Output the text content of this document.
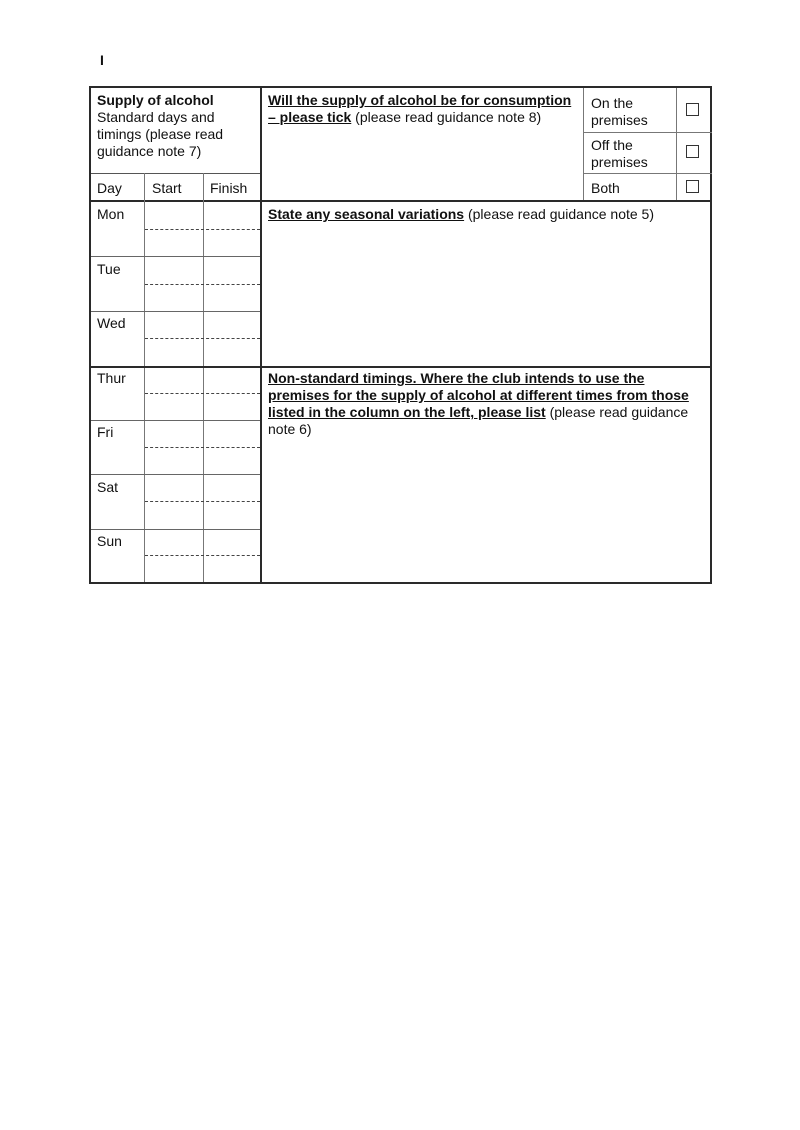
I
Supply of alcohol
Standard days and timings (please read guidance note 7)
Day Start Finish
Mon
Tue
Wed
Thur
Fri
Sat
Sun
Will the supply of alcohol be for consumption – please tick (please read guidance note 8)
On the premises
Off the premises
Both
State any seasonal variations (please read guidance note 5)
Non-standard timings. Where the club intends to use the premises for the supply of alcohol at different times from those listed in the column on the left, please list (please read guidance note 6)
